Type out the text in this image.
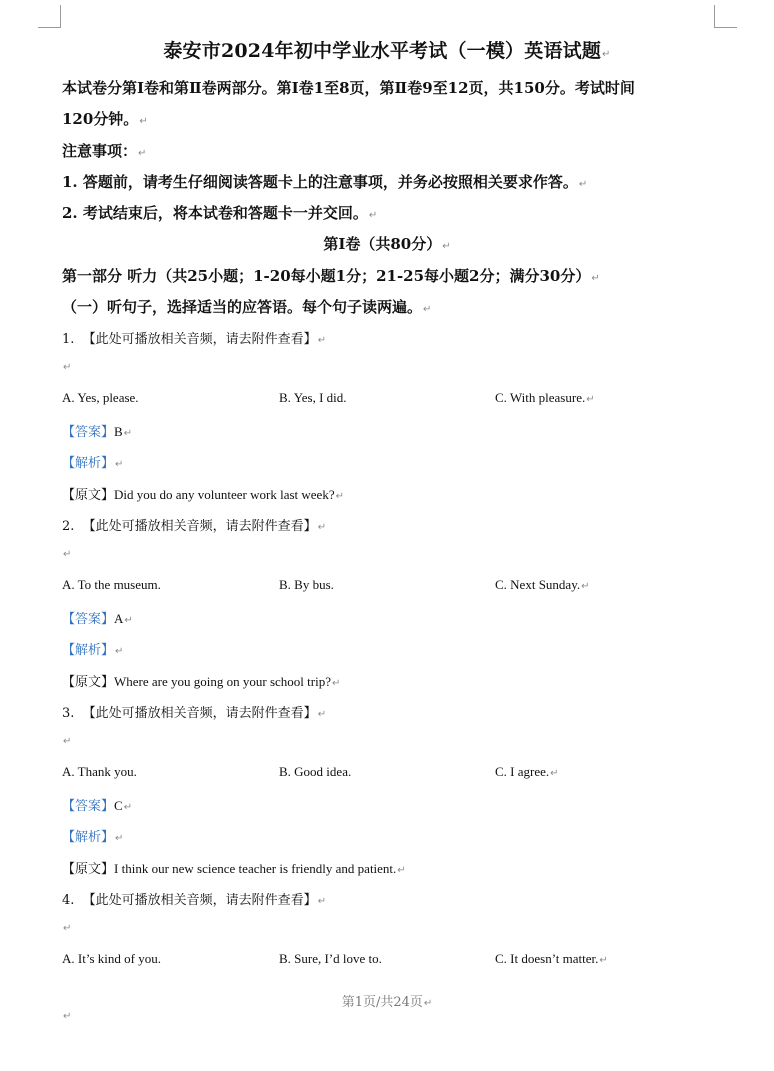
泰安市2024年初中学业水平考试（一模）英语试题↵
本试卷分第Ⅰ卷和第Ⅱ卷两部分。第Ⅰ卷1至8页，第Ⅱ卷9至12页，共150分。考试时间
120分钟。↵
注意事项：↵
1. 答题前，请考生仔细阅读答题卡上的注意事项，并务必按照相关要求作答。↵
2. 考试结束后，将本试卷和答题卡一并交回。↵
第Ⅰ卷（共80分）↵
第一部分 听力（共25小题；1-20每小题1分；21-25每小题2分；满分30分）↵
（一）听句子，选择适当的应答语。每个句子读两遍。↵
1. 【此处可播放相关音频，请去附件查看】↵
↵
A. Yes, please.	B. Yes, I did.	C. With pleasure.↵
【答案】B↵
【解析】↵
【原文】Did you do any volunteer work last week?↵
2. 【此处可播放相关音频，请去附件查看】↵
↵
A. To the museum.	B. By bus.	C. Next Sunday.↵
【答案】A↵
【解析】↵
【原文】Where are you going on your school trip?↵
3. 【此处可播放相关音频，请去附件查看】↵
↵
A. Thank you.	B. Good idea.	C. I agree.↵
【答案】C↵
【解析】↵
【原文】I think our new science teacher is friendly and patient.↵
4. 【此处可播放相关音频，请去附件查看】↵
↵
A. It’s kind of you.	B. Sure, I’d love to.	C. It doesn’t matter.↵
第1页/共24页↵
↵
